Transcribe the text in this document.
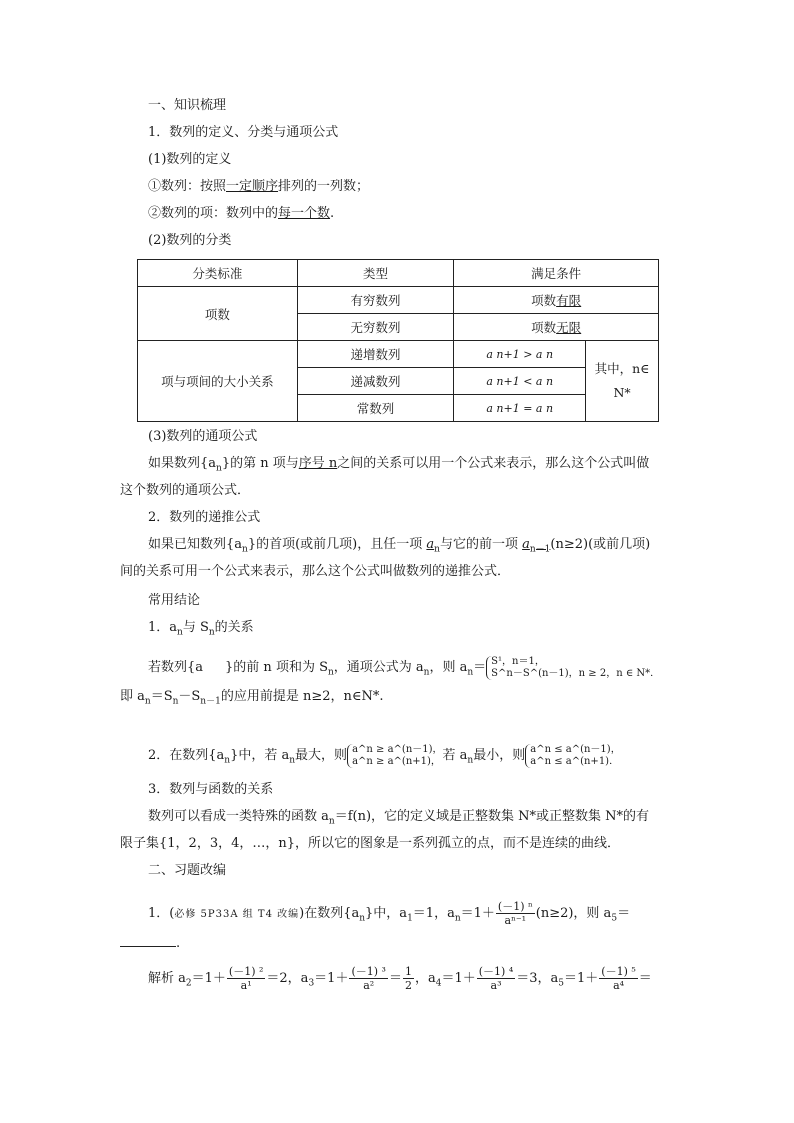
一、知识梳理
1．数列的定义、分类与通项公式
(1)数列的定义
①数列：按照一定顺序排列的一列数；
②数列的项：数列中的每一个数.
(2)数列的分类
分类标准	类型	满足条件	
项数	有穷数列	项数有限	
	无穷数列	项数无限	
项与项间的大小关系	递增数列	a n+1 > a n	其中，n∈
N*
	递减数列	a n+1 < a n	
	常数列	a n+1 = a n	
(3)数列的通项公式
如果数列$\{a_n\}$的第 n 项与序号 n之间的关系可以用一个公式来表示，那么这个公式叫做
这个数列的通项公式．
2．数列的递推公式
如果已知数列$\{a_n\}$的首项(或前几项)，且任一项 $a_n$与它的前一项 $a_{n-1}(n\ge 2)$(或前几项)
间的关系可用一个公式来表示，那么这个公式叫做数列的递推公式．
常用结论
1．$a_n$与 $S_n$的关系
若数列{a }的前 n 项和为 $S_n$，通项公式为 $a_n$，则 $a_n= S^1$，n＝1，
S^n－S^(n－1)，n ≥ 2，n ∈ N*．
即 $a_n=S_n-S_{n-1}$的应用前提是 n≥2，n∈N*.
2．在数列$\{a_n\}$中，若 $a_n$最大，则 a^n ≥ a^(n－1)，
a^n ≥ a^(n+1)， 若 $a_n$最小，则 a^n ≤ a^(n－1)，
a^n ≤ a^(n+1)．
3．数列与函数的关系
数列可以看成一类特殊的函数 $a_n=f(n)$，它的定义域是正整数集 N*或正整数集 N*的有
限子集{1，2，3，4，…，n}，所以它的图象是一系列孤立的点，而不是连续的曲线．
二、习题改编
1．(必修 5P33A 组 T4 改编)在数列$\{a_n\}$中，$a_1=1$，$a_n=1+ \frac{\text{(－1) ⁿ}}{\text{aⁿ⁻¹}} (n\ge 2)$，则 $a_5=$
.
解析 $a_2=1+ \frac{\text{(－1) ²}}{\text{a¹}} =2$，$a_3=1+ \frac{\text{(－1) ³}}{\text{a²}} = \frac{1}{2}$ ，$a_4=1+ \frac{\text{(－1) ⁴}}{\text{a³}} =3$，$a_5=1+ \frac{\text{(－1) ⁵}}{\text{a⁴}}$ ＝
